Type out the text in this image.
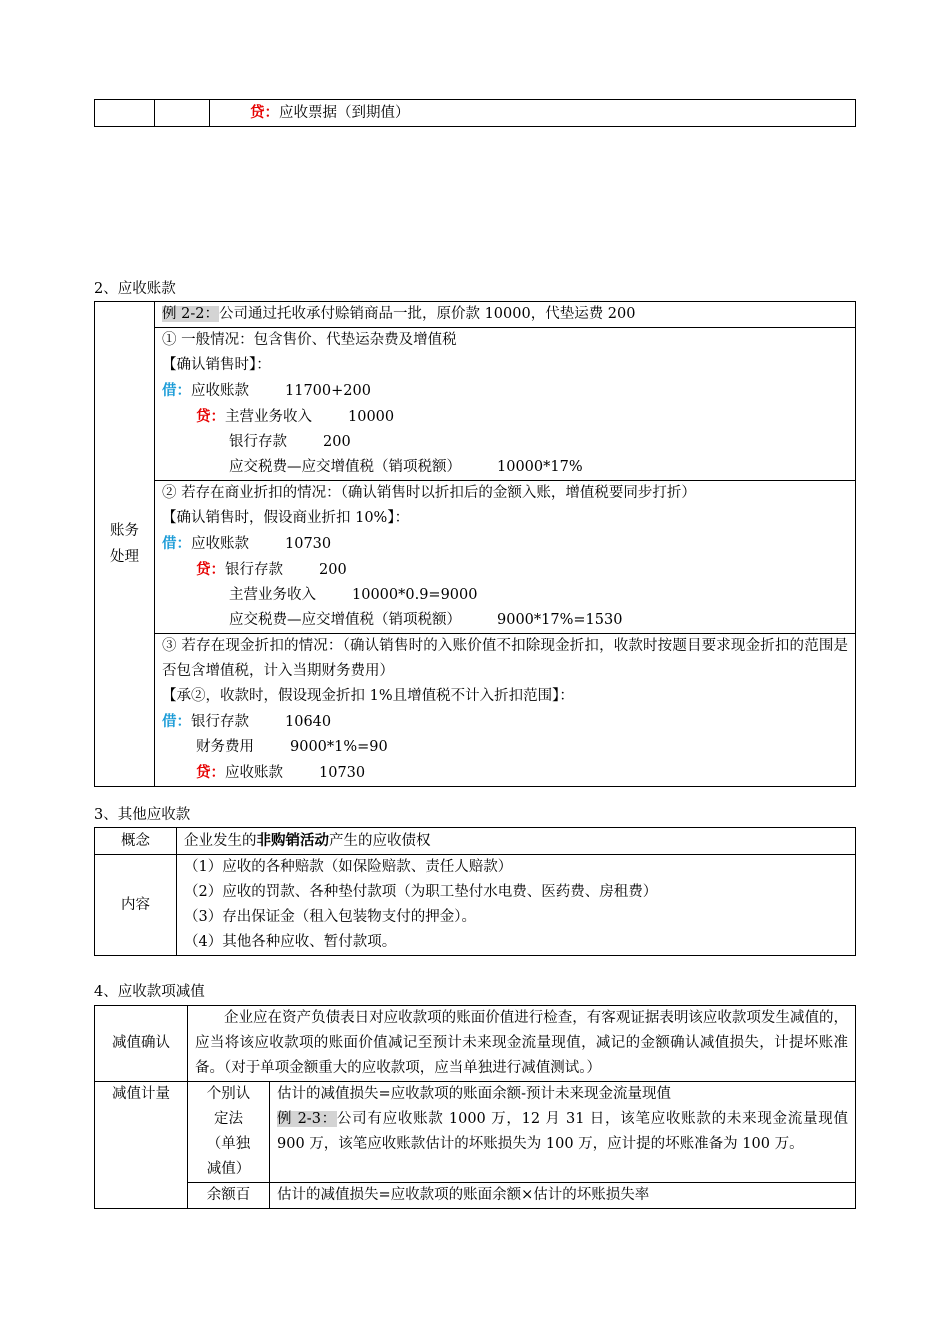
		贷：应收票据（到期值）
2、应收账款
账务
处理	例 2-2：公司通过托收承付赊销商品一批，原价款 10000，代垫运费 200

① 一般情况：包含售价、代垫运杂费及增值税
【确认销售时】：
借：应收账款 11700+200
贷：主营业务收入 10000
银行存款 200
应交税费—应交增值税（销项税额） 10000*17%

② 若存在商业折扣的情况：（确认销售时以折扣后的金额入账，增值税要同步打折）
【确认销售时，假设商业折扣 10%】：
借：应收账款 10730
贷：银行存款 200
主营业务收入 10000*0.9=9000
应交税费—应交增值税（销项税额） 9000*17%=1530

③ 若存在现金折扣的情况：（确认销售时的入账价值不扣除现金折扣，收款时按题目要求现金折扣的范围是否包含增值税，计入当期财务费用）
【承②，收款时，假设现金折扣 1%且增值税不计入折扣范围】：
借：银行存款 10640
财务费用 9000*1%=90
贷：应收账款 10730
3、其他应收款
概念	企业发生的非购销活动产生的应收债权
内容	（1）应收的各种赔款（如保险赔款、责任人赔款）
（2）应收的罚款、各种垫付款项（为职工垫付水电费、医药费、房租费）
（3）存出保证金（租入包装物支付的押金）。
（4）其他各种应收、暂付款项。
4、应收款项减值
减值确认	企业应在资产负债表日对应收款项的账面价值进行检查，有客观证据表明该应收款项发生减值的，应当将该应收款项的账面价值减记至预计未来现金流量现值，减记的金额确认减值损失，计提坏账准备。（对于单项金额重大的应收款项，应当单独进行减值测试。）	
减值计量	个别认定法（单独减值）	估计的减值损失=应收款项的账面余额-预计未来现金流量现值
例 2-3：公司有应收账款 1000 万，12 月 31 日，该笔应收账款的未来现金流量现值 900 万，该笔应收账款估计的坏账损失为 100 万，应计提的坏账准备为 100 万。
	余额百	估计的减值损失=应收款项的账面余额×估计的坏账损失率
